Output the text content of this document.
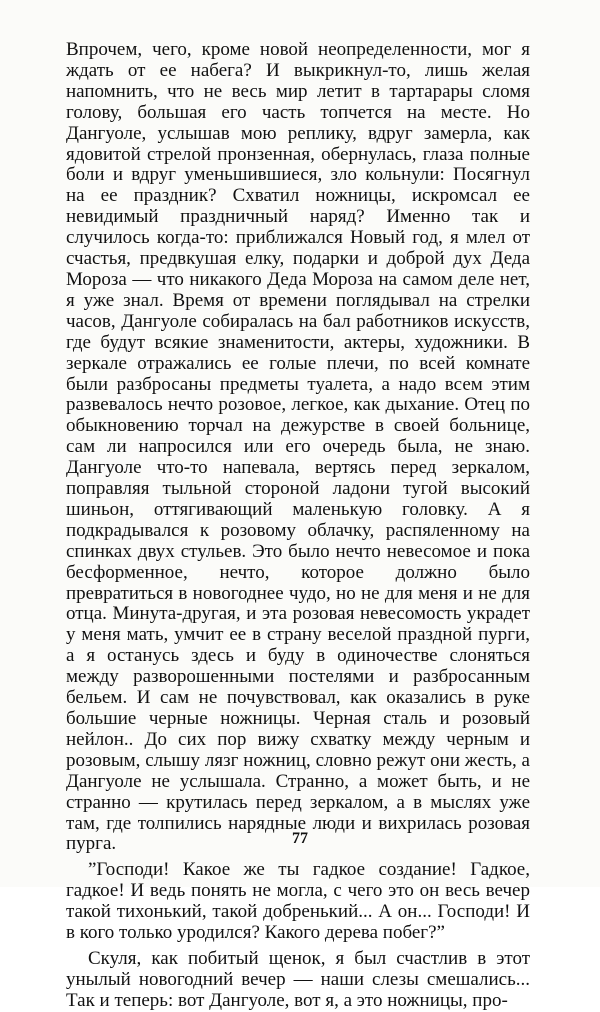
Впрочем, чего, кроме новой неопределенности, мог я ждать от ее набега? И выкрикнул-то, лишь желая напомнить, что не весь мир летит в тартарары сломя голову, большая его часть топчется на месте. Но Дангуоле, услышав мою реплику, вдруг замерла, как ядовитой стрелой пронзенная, обернулась, глаза полные боли и вдруг уменьшившиеся, зло кольнули: Посягнул на ее праздник? Схватил ножницы, искромсал ее невидимый праздничный наряд? Именно так и случилось когда-то: приближался Новый год, я млел от счастья, предвкушая елку, подарки и доброй дух Деда Мороза — что никакого Деда Мороза на самом деле нет, я уже знал. Время от времени поглядывал на стрелки часов, Дангуоле собиралась на бал работников искусств, где будут всякие знаменитости, актеры, художники. В зеркале отражались ее голые плечи, по всей комнате были разбросаны предметы туалета, а надо всем этим развевалось нечто розовое, легкое, как дыхание. Отец по обыкновению торчал на дежурстве в своей больнице, сам ли напросился или его очередь была, не знаю. Дангуоле что-то напевала, вертясь перед зеркалом, поправляя тыльной стороной ладони тугой высокий шиньон, оттягивающий маленькую головку. А я подкрадывался к розовому облачку, распяленному на спинках двух стульев. Это было нечто невесомое и пока бесформенное, нечто, которое должно было превратиться в новогоднее чудо, но не для меня и не для отца. Минута-другая, и эта розовая невесомость украдет у меня мать, умчит ее в страну веселой праздной пурги, а я останусь здесь и буду в одиночестве слоняться между разворошенными постелями и разбросанным бельем. И сам не почувствовал, как оказались в руке большие черные ножницы. Черная сталь и розовый нейлон.. До сих пор вижу схватку между черным и розовым, слышу лязг ножниц, словно режут они жесть, а Дангуоле не услышала. Странно, а может быть, и не странно — крутилась перед зеркалом, а в мыслях уже там, где толпились нарядные люди и вихрилась розовая пурга.

”Господи! Какое же ты гадкое создание! Гадкое, гадкое! И ведь понять не могла, с чего это он весь вечер такой тихонький, такой добренький... А он... Господи! И в кого только уродился? Какого дерева побег?”

Скуля, как побитый щенок, я был счастлив в этот унылый новогодний вечер — наши слезы смешались... Так и теперь: вот Дангуоле, вот я, а это ножницы, про-

77
